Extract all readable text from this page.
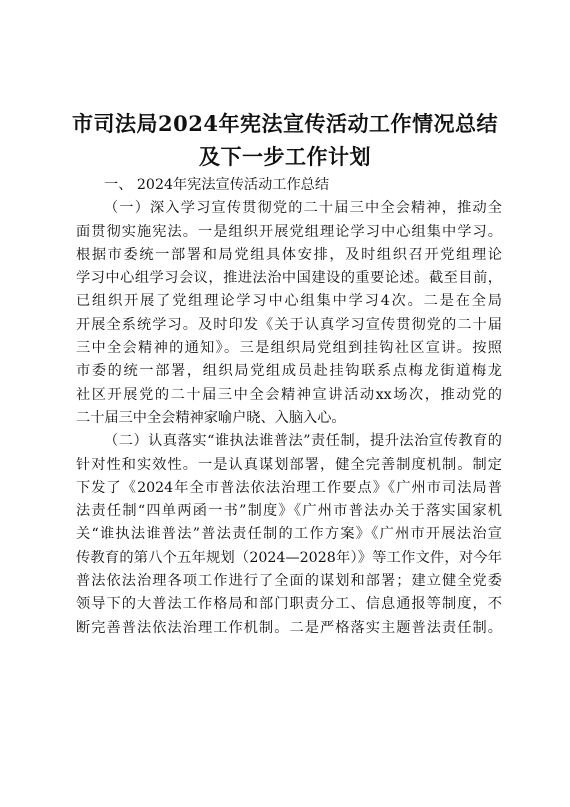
市司法局2024年宪法宣传活动工作情况总结
及下一步工作计划
一、 2024年宪法宣传活动工作总结
（一）深入学习宣传贯彻党的二十届三中全会精神，推动全
面贯彻实施宪法。一是组织开展党组理论学习中心组集中学习。
根据市委统一部署和局党组具体安排，及时组织召开党组理论
学习中心组学习会议，推进法治中国建设的重要论述。截至目前，
已组织开展了党组理论学习中心组集中学习4次。二是在全局
开展全系统学习。及时印发《关于认真学习宣传贯彻党的二十届
三中全会精神的通知》。三是组织局党组到挂钩社区宣讲。按照
市委的统一部署，组织局党组成员赴挂钩联系点梅龙街道梅龙
社区开展党的二十届三中全会精神宣讲活动xx场次，推动党的
二十届三中全会精神家喻户晓、入脑入心。
（二）认真落实“谁执法谁普法”责任制，提升法治宣传教育的
针对性和实效性。一是认真谋划部署，健全完善制度机制。制定
下发了《2024年全市普法依法治理工作要点》《广州市司法局普
法责任制“四单两函一书”制度》《广州市普法办关于落实国家机
关“谁执法谁普法”普法责任制的工作方案》《广州市开展法治宣
传教育的第八个五年规划（2024—2028年）》等工作文件，对今年
普法依法治理各项工作进行了全面的谋划和部署；建立健全党委
领导下的大普法工作格局和部门职责分工、信息通报等制度，不
断完善普法依法治理工作机制。二是严格落实主题普法责任制。
